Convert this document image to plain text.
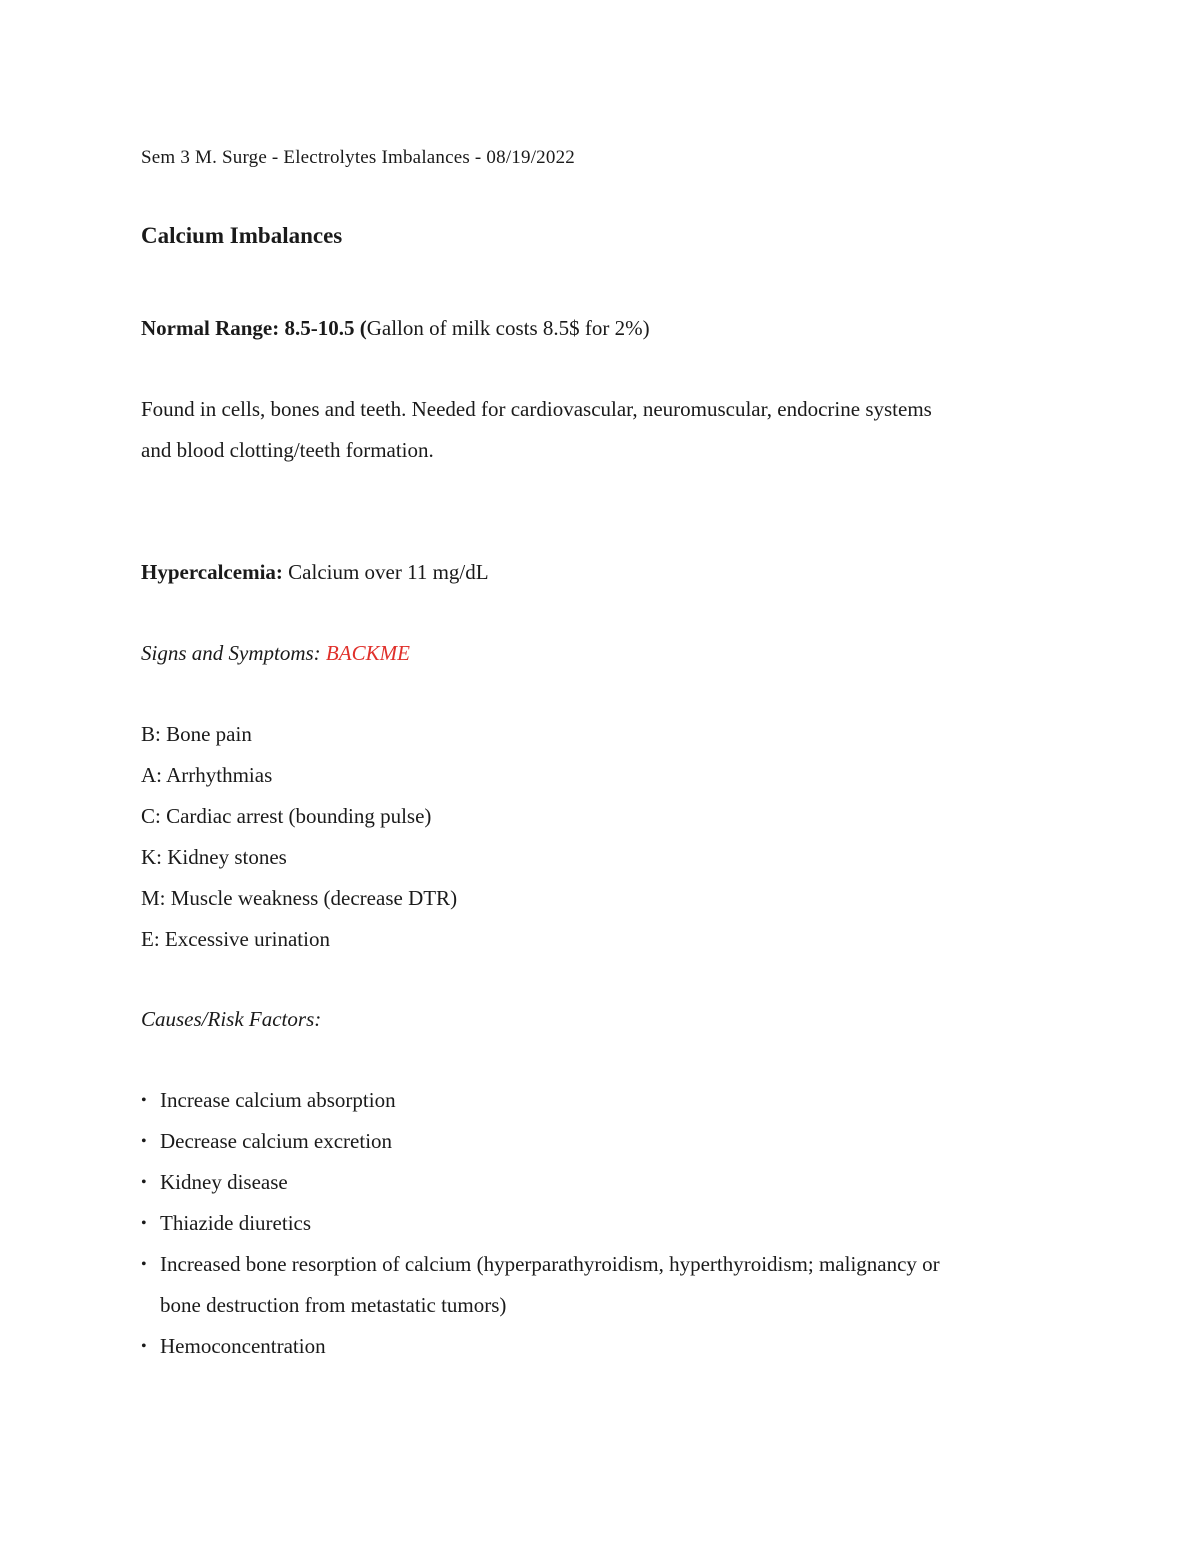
Sem 3 M. Surge - Electrolytes Imbalances - 08/19/2022

Calcium Imbalances

Normal Range: 8.5-10.5 (Gallon of milk costs 8.5$ for 2%)

Found in cells, bones and teeth. Needed for cardiovascular, neuromuscular, endocrine systems
and blood clotting/teeth formation.

Hypercalcemia: Calcium over 11 mg/dL

Signs and Symptoms: BACKME

B: Bone pain
A: Arrhythmias
C: Cardiac arrest (bounding pulse)
K: Kidney stones
M: Muscle weakness (decrease DTR)
E: Excessive urination

Causes/Risk Factors:

• Increase calcium absorption
• Decrease calcium excretion
• Kidney disease
• Thiazide diuretics
• Increased bone resorption of calcium (hyperparathyroidism, hyperthyroidism; malignancy or
bone destruction from metastatic tumors)
• Hemoconcentration
